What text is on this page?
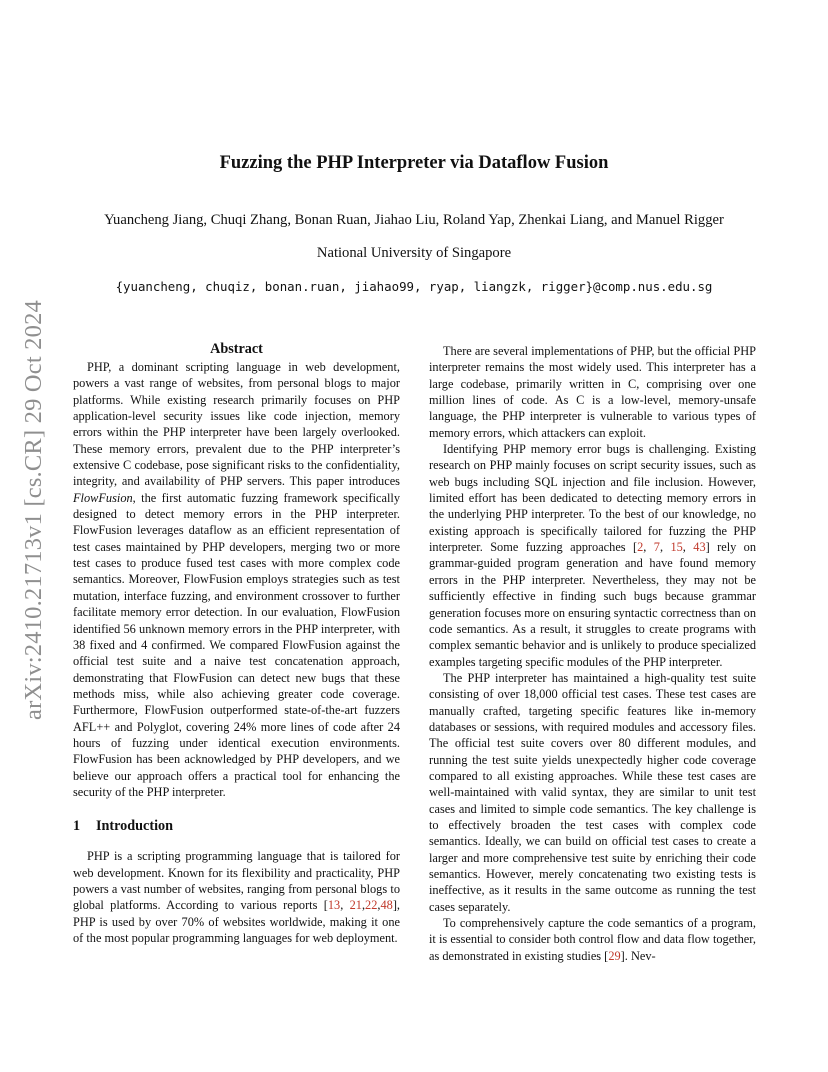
arXiv:2410.21713v1 [cs.CR] 29 Oct 2024
Fuzzing the PHP Interpreter via Dataflow Fusion
Yuancheng Jiang, Chuqi Zhang, Bonan Ruan, Jiahao Liu, Roland Yap, Zhenkai Liang, and Manuel Rigger
National University of Singapore
{yuancheng, chuqiz, bonan.ruan, jiahao99, ryap, liangzk, rigger}@comp.nus.edu.sg
Abstract

PHP, a dominant scripting language in web development, powers a vast range of websites, from personal blogs to major platforms. While existing research primarily focuses on PHP application-level security issues like code injection, memory errors within the PHP interpreter have been largely overlooked. These memory errors, prevalent due to the PHP interpreter’s extensive C codebase, pose significant risks to the confidentiality, integrity, and availability of PHP servers. This paper introduces FlowFusion, the first automatic fuzzing framework specifically designed to detect memory errors in the PHP interpreter. FlowFusion leverages dataflow as an efficient representation of test cases maintained by PHP developers, merging two or more test cases to produce fused test cases with more complex code semantics. Moreover, FlowFusion employs strategies such as test mutation, interface fuzzing, and environment crossover to further facilitate memory error detection. In our evaluation, FlowFusion identified 56 unknown memory errors in the PHP interpreter, with 38 fixed and 4 confirmed. We compared FlowFusion against the official test suite and a naive test concatenation approach, demonstrating that FlowFusion can detect new bugs that these methods miss, while also achieving greater code coverage. Furthermore, FlowFusion outperformed state-of-the-art fuzzers AFL++ and Polyglot, covering 24% more lines of code after 24 hours of fuzzing under identical execution environments. FlowFusion has been acknowledged by PHP developers, and we believe our approach offers a practical tool for enhancing the security of the PHP interpreter.

1 Introduction

PHP is a scripting programming language that is tailored for web development. Known for its flexibility and practicality, PHP powers a vast number of websites, ranging from personal blogs to global platforms. According to various reports [13, 21,22,48], PHP is used by over 70% of websites worldwide, making it one of the most popular programming languages for web deployment.

There are several implementations of PHP, but the official PHP interpreter remains the most widely used. This interpreter has a large codebase, primarily written in C, comprising over one million lines of code. As C is a low-level, memory-unsafe language, the PHP interpreter is vulnerable to various types of memory errors, which attackers can exploit.

Identifying PHP memory error bugs is challenging. Existing research on PHP mainly focuses on script security issues, such as web bugs including SQL injection and file inclusion. However, limited effort has been dedicated to detecting memory errors in the underlying PHP interpreter. To the best of our knowledge, no existing approach is specifically tailored for fuzzing the PHP interpreter. Some fuzzing approaches [2, 7, 15, 43] rely on grammar-guided program generation and have found memory errors in the PHP interpreter. Nevertheless, they may not be sufficiently effective in finding such bugs because grammar generation focuses more on ensuring syntactic correctness than on code semantics. As a result, it struggles to create programs with complex semantic behavior and is unlikely to produce specialized examples targeting specific modules of the PHP interpreter.

The PHP interpreter has maintained a high-quality test suite consisting of over 18,000 official test cases. These test cases are manually crafted, targeting specific features like in-memory databases or sessions, with required modules and accessory files. The official test suite covers over 80 different modules, and running the test suite yields unexpectedly higher code coverage compared to all existing approaches. While these test cases are well-maintained with valid syntax, they are similar to unit test cases and limited to simple code semantics. The key challenge is to effectively broaden the test cases with complex code semantics. Ideally, we can build on official test cases to create a larger and more comprehensive test suite by enriching their code semantics. However, merely concatenating two existing tests is ineffective, as it results in the same outcome as running the test cases separately.

To comprehensively capture the code semantics of a program, it is essential to consider both control flow and data flow together, as demonstrated in existing studies [29]. Nev-
